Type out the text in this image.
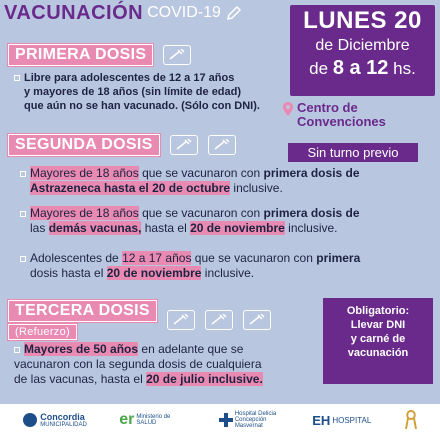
VACUNACIÓN COVID-19	LUNES 20
de Diciembre
de 8 a 12 hs.
Centro de
Convenciones
Sin turno previo
PRIMERA DOSIS
Libre para adolescentes de 12 a 17 años
y mayores de 18 años (sin límite de edad)
que aún no se han vacunado. (Sólo con DNI).
SEGUNDA DOSIS
Mayores de 18 años que se vacunaron con primera dosis de
Astrazeneca hasta el 20 de octubre inclusive.
Mayores de 18 años que se vacunaron con primera dosis de
las demás vacunas, hasta el 20 de noviembre inclusive.
Adolescentes de 12 a 17 años que se vacunaron con primera
dosis hasta el 20 de noviembre inclusive.
TERCERA DOSIS
(Refuerzo)
Mayores de 50 años en adelante que se
vacunaron con la segunda dosis de cualquiera
de las vacunas, hasta el 20 de julio inclusive.
Obligatorio:
Llevar DNI
y carné de
vacunación
Concordia
MUNICIPALIDAD er Ministerio de SALUD
Hospital Delicia Concepción Masvernat	EH HOSPITAL
